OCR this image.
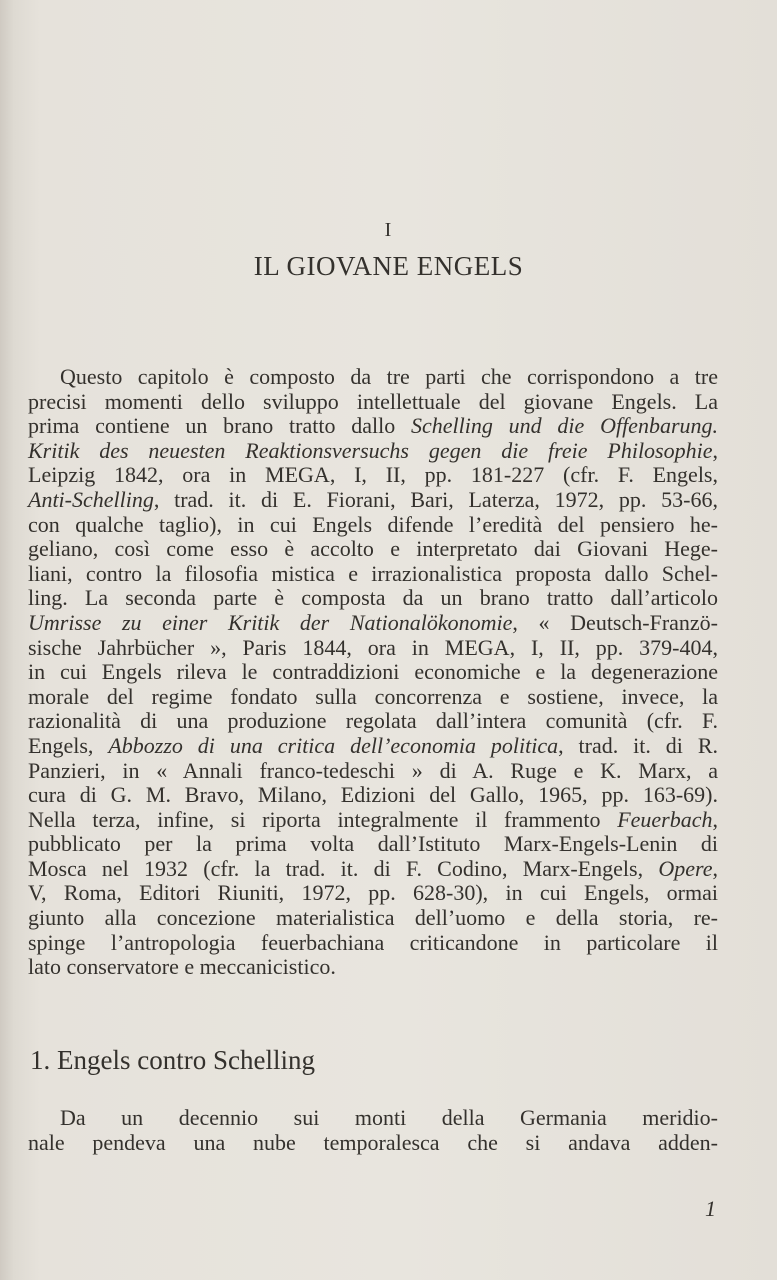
I
IL GIOVANE ENGELS
Questo capitolo è composto da tre parti che corrispondono a tre
precisi momenti dello sviluppo intellettuale del giovane Engels. La
prima contiene un brano tratto dallo Schelling und die Offenbarung.
Kritik des neuesten Reaktionsversuchs gegen die freie Philosophie,
Leipzig 1842, ora in MEGA, I, II, pp. 181-227 (cfr. F. Engels,
Anti-Schelling, trad. it. di E. Fiorani, Bari, Laterza, 1972, pp. 53-66,
con qualche taglio), in cui Engels difende l’eredità del pensiero he-
geliano, così come esso è accolto e interpretato dai Giovani Hege-
liani, contro la filosofia mistica e irrazionalistica proposta dallo Schel-
ling. La seconda parte è composta da un brano tratto dall’articolo
Umrisse zu einer Kritik der Nationalökonomie, « Deutsch-Franzö-
sische Jahrbücher », Paris 1844, ora in MEGA, I, II, pp. 379-404,
in cui Engels rileva le contraddizioni economiche e la degenerazione
morale del regime fondato sulla concorrenza e sostiene, invece, la
razionalità di una produzione regolata dall’intera comunità (cfr. F.
Engels, Abbozzo di una critica dell’economia politica, trad. it. di R.
Panzieri, in « Annali franco-tedeschi » di A. Ruge e K. Marx, a
cura di G. M. Bravo, Milano, Edizioni del Gallo, 1965, pp. 163-69).
Nella terza, infine, si riporta integralmente il frammento Feuerbach,
pubblicato per la prima volta dall’Istituto Marx-Engels-Lenin di
Mosca nel 1932 (cfr. la trad. it. di F. Codino, Marx-Engels, Opere,
V, Roma, Editori Riuniti, 1972, pp. 628-30), in cui Engels, ormai
giunto alla concezione materialistica dell’uomo e della storia, re-
spinge l’antropologia feuerbachiana criticandone in particolare il
lato conservatore e meccanicistico.
1. Engels contro Schelling
Da un decennio sui monti della Germania meridio-
nale pendeva una nube temporalesca che si andava adden-
1
